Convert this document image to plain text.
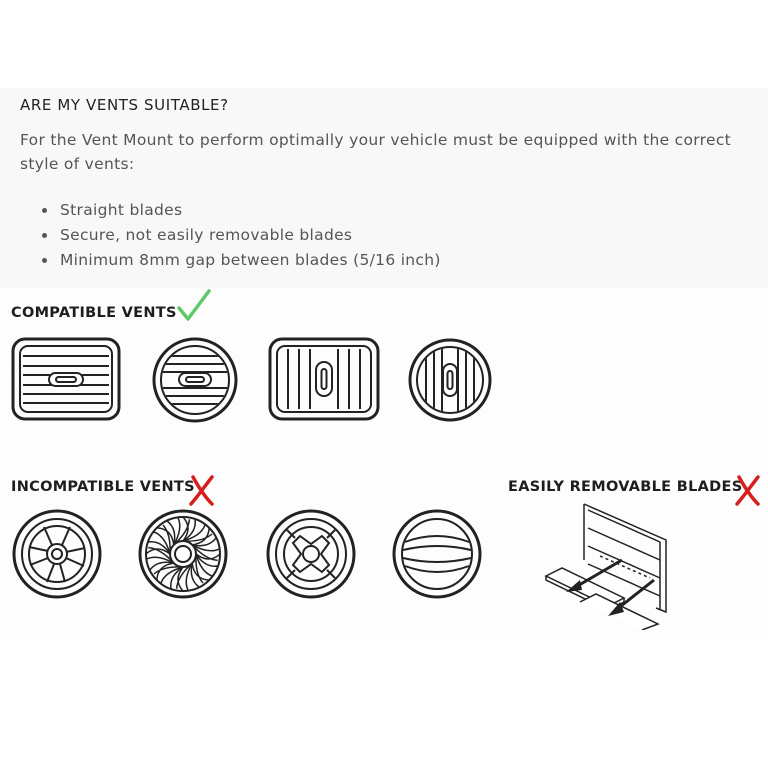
ARE MY VENTS SUITABLE?

For the Vent Mount to perform optimally your vehicle must be equipped with the correct style of vents:

• Straight blades
• Secure, not easily removable blades
• Minimum 8mm gap between blades (5/16 inch)
COMPATIBLE VENTS
INCOMPATIBLE VENTS	EASILY REMOVABLE BLADES
